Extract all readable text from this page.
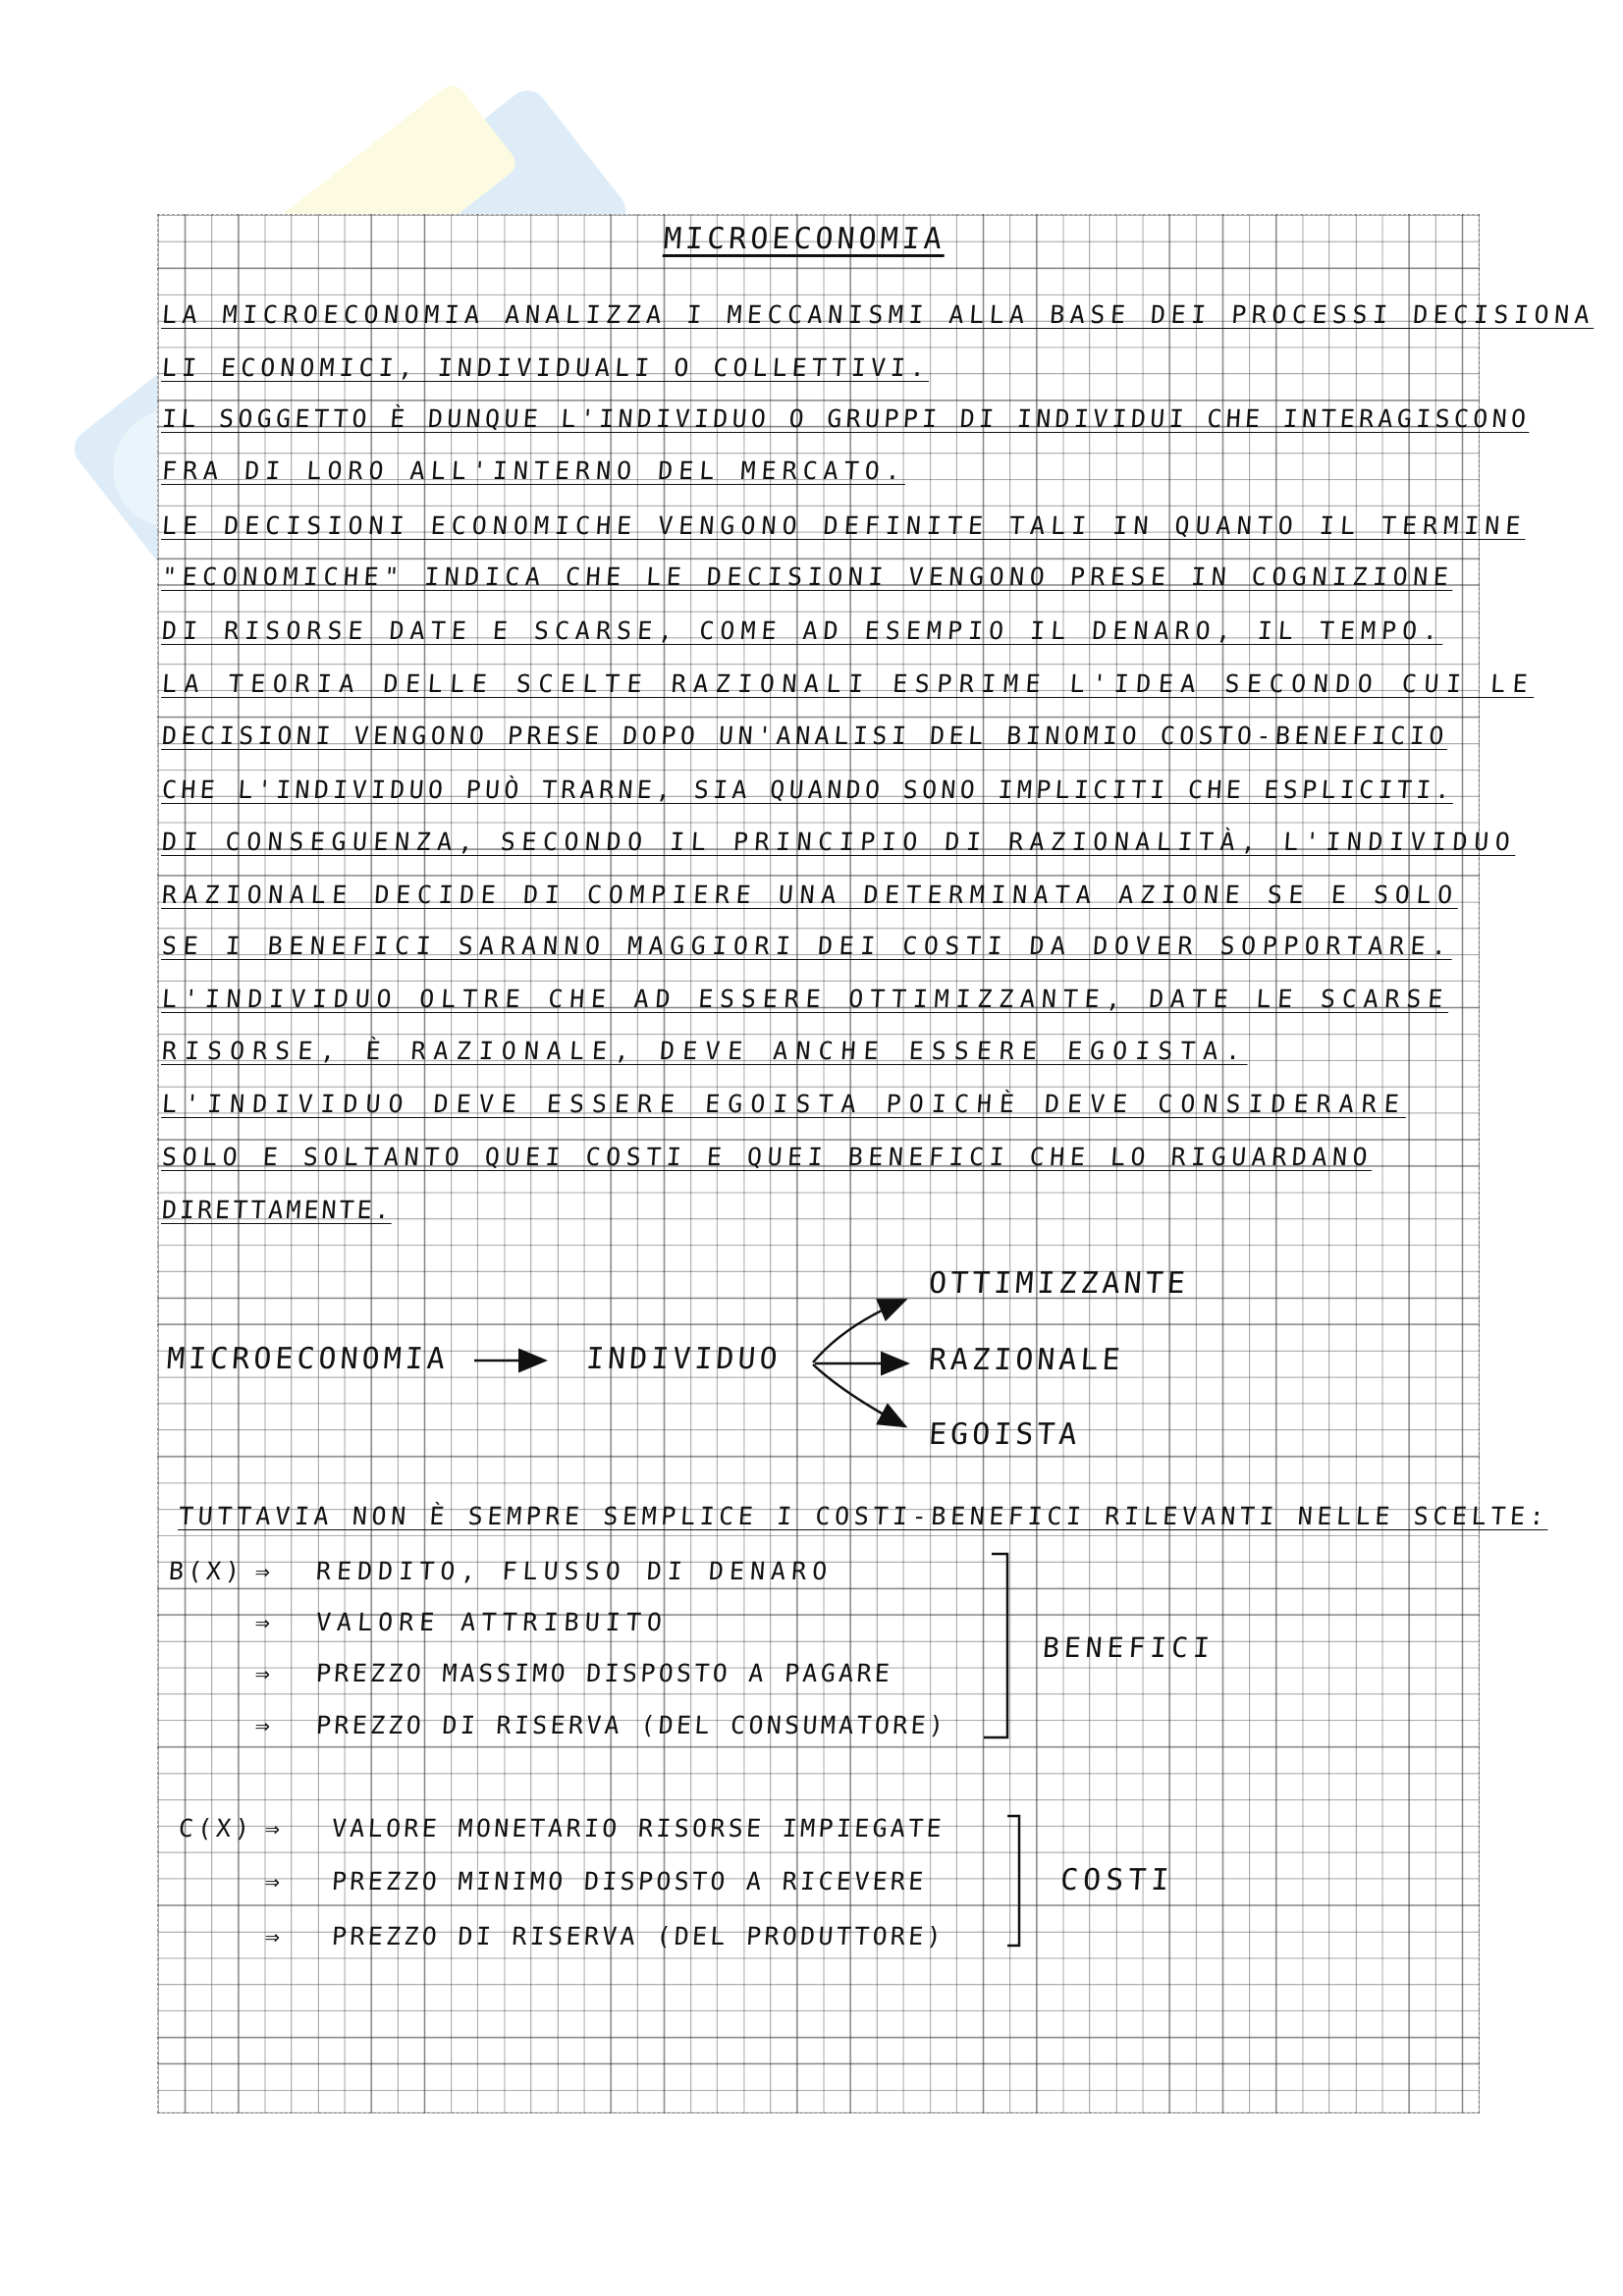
MICROECONOMIA
LA MICROECONOMIA ANALIZZA I MECCANISMI ALLA BASE DEI PROCESSI DECISIONA
LI ECONOMICI, INDIVIDUALI O COLLETTIVI.
IL SOGGETTO È DUNQUE L'INDIVIDUO O GRUPPI DI INDIVIDUI CHE INTERAGISCONO
FRA DI LORO ALL'INTERNO DEL MERCATO.
LE DECISIONI ECONOMICHE VENGONO DEFINITE TALI IN QUANTO IL TERMINE
"ECONOMICHE" INDICA CHE LE DECISIONI VENGONO PRESE IN COGNIZIONE
DI RISORSE DATE E SCARSE, COME AD ESEMPIO IL DENARO, IL TEMPO.
LA TEORIA DELLE SCELTE RAZIONALI ESPRIME L'IDEA SECONDO CUI LE
DECISIONI VENGONO PRESE DOPO UN'ANALISI DEL BINOMIO COSTO-BENEFICIO
CHE L'INDIVIDUO PUÒ TRARNE, SIA QUANDO SONO IMPLICITI CHE ESPLICITI.
DI CONSEGUENZA, SECONDO IL PRINCIPIO DI RAZIONALITÀ, L'INDIVIDUO
RAZIONALE DECIDE DI COMPIERE UNA DETERMINATA AZIONE SE E SOLO
SE I BENEFICI SARANNO MAGGIORI DEI COSTI DA DOVER SOPPORTARE.
L'INDIVIDUO OLTRE CHE AD ESSERE OTTIMIZZANTE, DATE LE SCARSE
RISORSE, È RAZIONALE, DEVE ANCHE ESSERE EGOISTA.
L'INDIVIDUO DEVE ESSERE EGOISTA POICHÈ DEVE CONSIDERARE
SOLO E SOLTANTO QUEI COSTI E QUEI BENEFICI CHE LO RIGUARDANO
DIRETTAMENTE.
MICROECONOMIA	INDIVIDUO
OTTIMIZZANTE
RAZIONALE
EGOISTA
TUTTAVIA NON È SEMPRE SEMPLICE I COSTI-BENEFICI RILEVANTI NELLE SCELTE:
B(X) ⇒ REDDITO, FLUSSO DI DENARO
⇒ VALORE ATTRIBUITO
⇒ PREZZO MASSIMO DISPOSTO A PAGARE
⇒ PREZZO DI RISERVA (DEL CONSUMATORE)
BENEFICI
C(X) ⇒ VALORE MONETARIO RISORSE IMPIEGATE
⇒ PREZZO MINIMO DISPOSTO A RICEVERE
⇒ PREZZO DI RISERVA (DEL PRODUTTORE)
COSTI
